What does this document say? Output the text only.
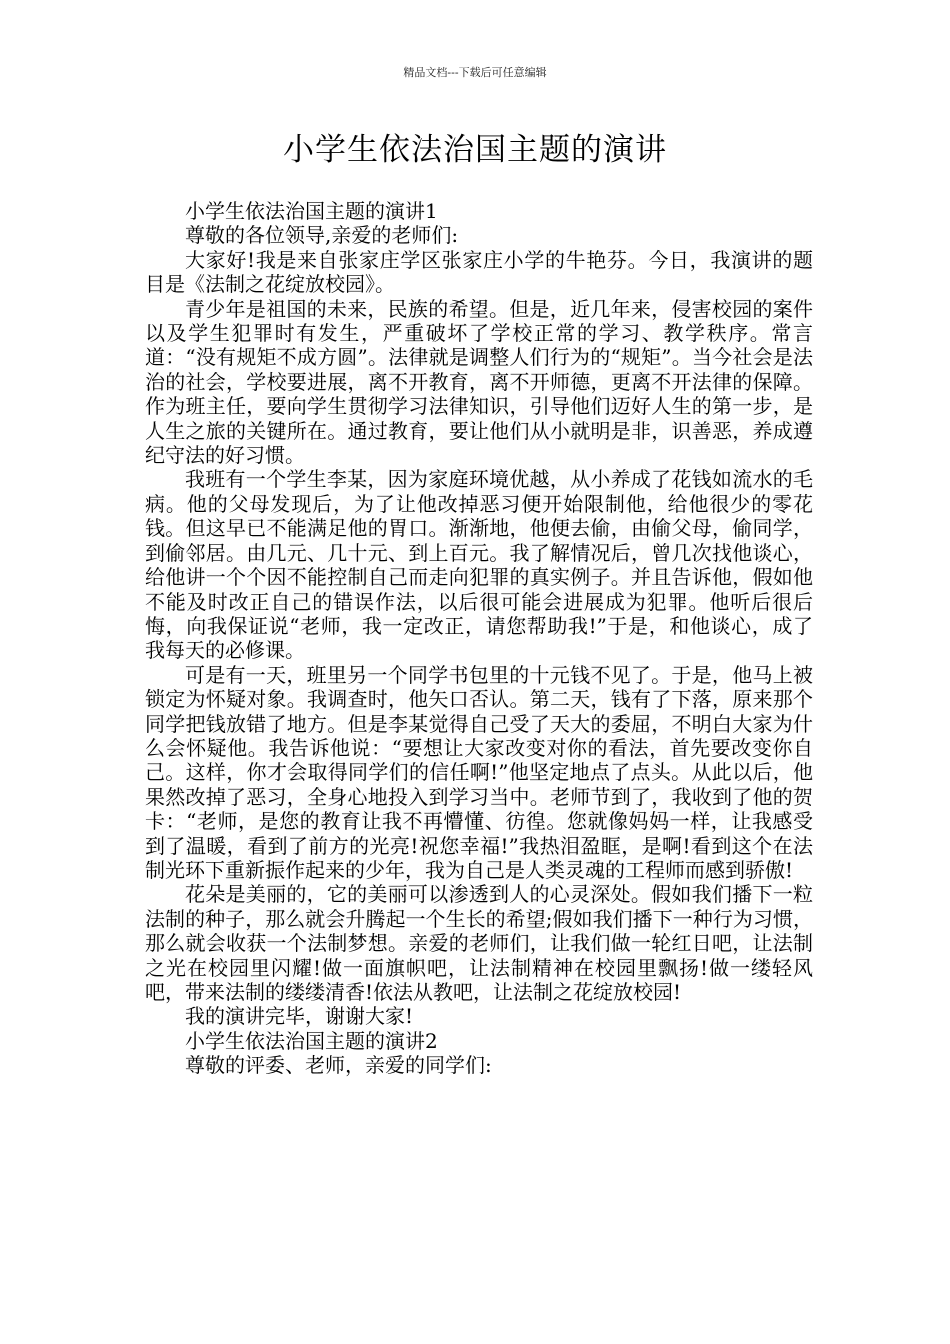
精品文档---下载后可任意编辑
小学生依法治国主题的演讲

小学生依法治国主题的演讲1

尊敬的各位领导,亲爱的老师们:

大家好!我是来自张家庄学区张家庄小学的牛艳芬。今日，我演讲的题目是《法制之花绽放校园》。

青少年是祖国的未来，民族的希望。但是，近几年来，侵害校园的案件以及学生犯罪时有发生，严重破坏了学校正常的学习、教学秩序。常言道：“没有规矩不成方圆”。法律就是调整人们行为的“规矩”。当今社会是法治的社会，学校要进展，离不开教育，离不开师德，更离不开法律的保障。作为班主任，要向学生贯彻学习法律知识，引导他们迈好人生的第一步，是人生之旅的关键所在。通过教育，要让他们从小就明是非，识善恶，养成遵纪守法的好习惯。

我班有一个学生李某，因为家庭环境优越，从小养成了花钱如流水的毛病。他的父母发现后，为了让他改掉恶习便开始限制他，给他很少的零花钱。但这早已不能满足他的胃口。渐渐地，他便去偷，由偷父母，偷同学，到偷邻居。由几元、几十元、到上百元。我了解情况后，曾几次找他谈心，给他讲一个个因不能控制自己而走向犯罪的真实例子。并且告诉他，假如他不能及时改正自己的错误作法，以后很可能会进展成为犯罪。他听后很后悔，向我保证说“老师，我一定改正，请您帮助我!”于是，和他谈心，成了我每天的必修课。

可是有一天，班里另一个同学书包里的十元钱不见了。于是，他马上被锁定为怀疑对象。我调查时，他矢口否认。第二天，钱有了下落，原来那个同学把钱放错了地方。但是李某觉得自己受了天大的委屈，不明白大家为什么会怀疑他。我告诉他说：“要想让大家改变对你的看法，首先要改变你自己。这样，你才会取得同学们的信任啊!”他坚定地点了点头。从此以后，他果然改掉了恶习，全身心地投入到学习当中。老师节到了，我收到了他的贺卡：“老师，是您的教育让我不再懵懂、彷徨。您就像妈妈一样，让我感受到了温暖，看到了前方的光亮!祝您幸福!”我热泪盈眶，是啊!看到这个在法制光环下重新振作起来的少年，我为自己是人类灵魂的工程师而感到骄傲!

花朵是美丽的，它的美丽可以渗透到人的心灵深处。假如我们播下一粒法制的种子，那么就会升腾起一个生长的希望;假如我们播下一种行为习惯，那么就会收获一个法制梦想。亲爱的老师们，让我们做一轮红日吧，让法制之光在校园里闪耀!做一面旗帜吧，让法制精神在校园里飘扬!做一缕轻风吧，带来法制的缕缕清香!依法从教吧，让法制之花绽放校园!

我的演讲完毕，谢谢大家!

小学生依法治国主题的演讲2

尊敬的评委、老师，亲爱的同学们:
